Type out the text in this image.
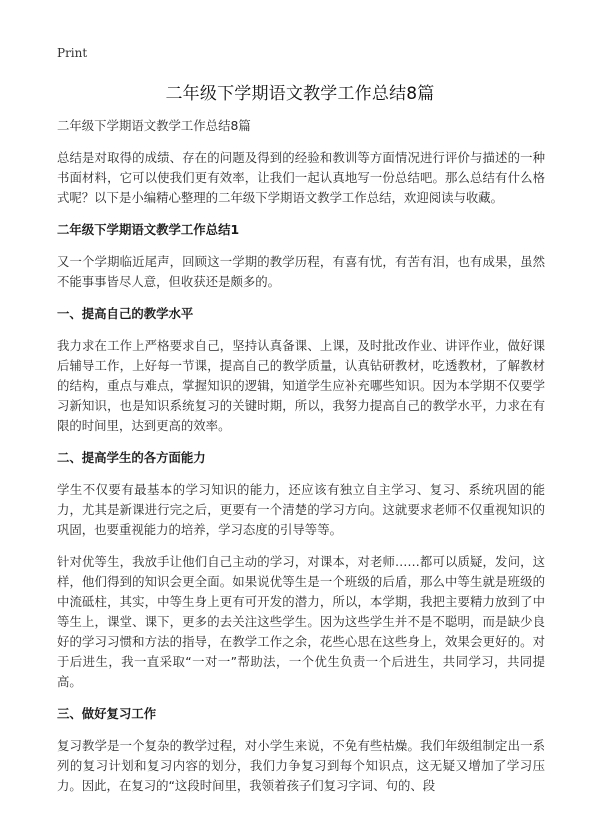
Print
二年级下学期语文教学工作总结8篇

二年级下学期语文教学工作总结8篇

总结是对取得的成绩、存在的问题及得到的经验和教训等方面情况进行评价与描述的一种书面材料，它可以使我们更有效率，让我们一起认真地写一份总结吧。那么总结有什么格式呢？以下是小编精心整理的二年级下学期语文教学工作总结，欢迎阅读与收藏。

二年级下学期语文教学工作总结1

又一个学期临近尾声，回顾这一学期的教学历程，有喜有忧，有苦有泪，也有成果，虽然不能事事皆尽人意，但收获还是颇多的。

一、提高自己的教学水平

我力求在工作上严格要求自己，坚持认真备课、上课，及时批改作业、讲评作业，做好课后辅导工作，上好每一节课，提高自己的教学质量，认真钻研教材，吃透教材，了解教材的结构，重点与难点，掌握知识的逻辑，知道学生应补充哪些知识。因为本学期不仅要学习新知识，也是知识系统复习的关键时期，所以，我努力提高自己的教学水平，力求在有限的时间里，达到更高的效率。

二、提高学生的各方面能力

学生不仅要有最基本的学习知识的能力，还应该有独立自主学习、复习、系统巩固的能力，尤其是新课进行完之后，更要有一个清楚的学习方向。这就要求老师不仅重视知识的巩固，也要重视能力的培养，学习态度的引导等等。

针对优等生，我放手让他们自己主动的学习，对课本，对老师……都可以质疑，发问，这样，他们得到的知识会更全面。如果说优等生是一个班级的后盾，那么中等生就是班级的中流砥柱，其实，中等生身上更有可开发的潜力，所以，本学期，我把主要精力放到了中等生上，课堂、课下，更多的去关注这些学生。因为这些学生并不是不聪明，而是缺少良好的学习习惯和方法的指导，在教学工作之余，花些心思在这些身上，效果会更好的。对于后进生，我一直采取“一对一”帮助法，一个优生负责一个后进生，共同学习，共同提高。

三、做好复习工作

复习教学是一个复杂的教学过程，对小学生来说，不免有些枯燥。我们年级组制定出一系列的复习计划和复习内容的划分，我们力争复习到每个知识点，这无疑又增加了学习压力。因此，在复习的“这段时间里，我领着孩子们复习字词、句的、段
